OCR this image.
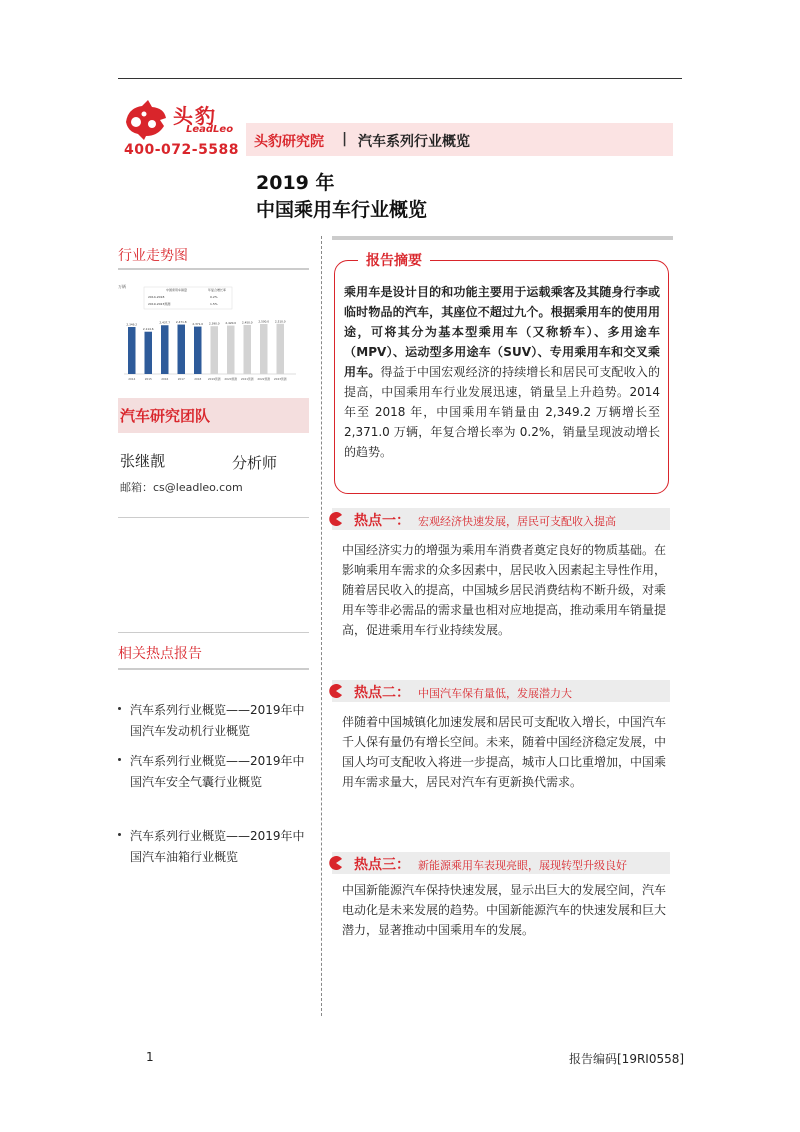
头豹
LeadLeo
400-072-5588 头豹研究院 | 汽车系列行业概览
2019 年
中国乘用车行业概览
行业走势图
中国乘用车销量	年复合增长率
2014-2018	0.2%
2019-2023预测	1.5%
万辆
2,349.2
2014
2,114.6
2015
2,437.7
2016
2,471.8
2017
2,371.0
2018
2,390.0
2019预测
2,420.0
2020预测
2,450.0
2021预测
2,500.0
2022预测
2,510.0
2023预测
汽车研究团队
张继靓	分析师
邮箱：cs@leadleo.com
相关热点报告
汽车系列行业概览——2019年中国汽车发动机行业概览
汽车系列行业概览——2019年中国汽车安全气囊行业概览
汽车系列行业概览——2019年中国汽车油箱行业概览
报告摘要
乘用车是设计目的和功能主要用于运载乘客及其随身行李或临时物品的汽车，其座位不超过九个。根据乘用车的使用用途，可将其分为基本型乘用车（又称轿车）、多用途车（MPV）、运动型多用途车（SUV）、专用乘用车和交叉乘用车。得益于中国宏观经济的持续增长和居民可支配收入的提高，中国乘用车行业发展迅速，销量呈上升趋势。2014 年至 2018 年，中国乘用车销量由 2,349.2 万辆增长至 2,371.0 万辆，年复合增长率为 0.2%，销量呈现波动增长的趋势。
热点一： 宏观经济快速发展，居民可支配收入提高
中国经济实力的增强为乘用车消费者奠定良好的物质基础。在影响乘用车需求的众多因素中，居民收入因素起主导性作用，随着居民收入的提高，中国城乡居民消费结构不断升级，对乘用车等非必需品的需求量也相对应地提高，推动乘用车销量提高，促进乘用车行业持续发展。
热点二： 中国汽车保有量低，发展潜力大
伴随着中国城镇化加速发展和居民可支配收入增长，中国汽车千人保有量仍有增长空间。未来，随着中国经济稳定发展，中国人均可支配收入将进一步提高，城市人口比重增加，中国乘用车需求量大，居民对汽车有更新换代需求。
热点三： 新能源乘用车表现亮眼，展现转型升级良好
中国新能源汽车保持快速发展，显示出巨大的发展空间，汽车电动化是未来发展的趋势。中国新能源汽车的快速发展和巨大潜力，显著推动中国乘用车的发展。
1	报告编码[19RI0558]
